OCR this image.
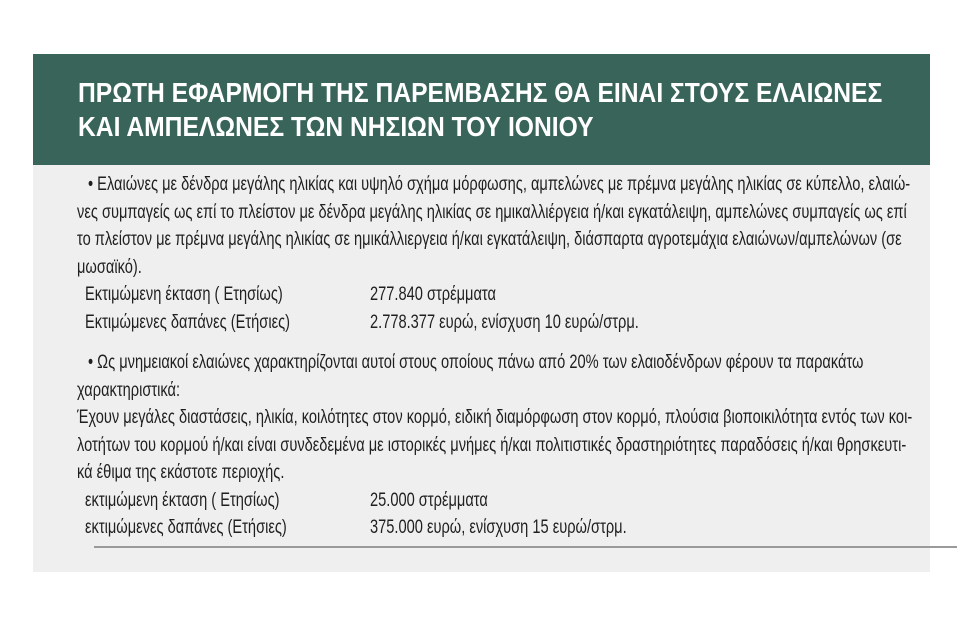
ΠΡΩΤΗ ΕΦΑΡΜΟΓΗ ΤΗΣ ΠΑΡΕΜΒΑΣΗΣ ΘΑ ΕΙΝΑΙ ΣΤΟΥΣ ΕΛΑΙΩΝΕΣ
ΚΑΙ ΑΜΠΕΛΩΝΕΣ ΤΩΝ ΝΗΣΙΩΝ ΤΟΥ ΙΟΝΙΟΥ
• Ελαιώνες με δένδρα μεγάλης ηλικίας και υψηλό σχήμα μόρφωσης, αμπελώνες με πρέμνα μεγάλης ηλικίας σε κύπελλο, ελαιώ-
νες συμπαγείς ως επί το πλείστον με δένδρα μεγάλης ηλικίας σε ημικαλλιέργεια ή/και εγκατάλειψη, αμπελώνες συμπαγείς ως επί
το πλείστον με πρέμνα μεγάλης ηλικίας σε ημικάλλιεργεια ή/και εγκατάλειψη, διάσπαρτα αγροτεμάχια ελαιώνων/αμπελώνων (σε
μωσαϊκό).
Εκτιμώμενη έκταση ( Ετησίως)	277.840 στρέμματα
Εκτιμώμενες δαπάνες (Ετήσιες)	2.778.377 ευρώ, ενίσχυση 10 ευρώ/στρμ.
• Ως μνημειακοί ελαιώνες χαρακτηρίζονται αυτοί στους οποίους πάνω από 20% των ελαιοδένδρων φέρουν τα παρακάτω
χαρακτηριστικά:
Έχουν μεγάλες διαστάσεις, ηλικία, κοιλότητες στον κορμό, ειδική διαμόρφωση στον κορμό, πλούσια βιοποικιλότητα εντός των κοι-
λοτήτων του κορμού ή/και είναι συνδεδεμένα με ιστορικές μνήμες ή/και πολιτιστικές δραστηριότητες παραδόσεις ή/και θρησκευτι-
κά έθιμα της εκάστοτε περιοχής.
εκτιμώμενη έκταση ( Ετησίως)	25.000 στρέμματα
εκτιμώμενες δαπάνες (Ετήσιες)	375.000 ευρώ, ενίσχυση 15 ευρώ/στρμ.
